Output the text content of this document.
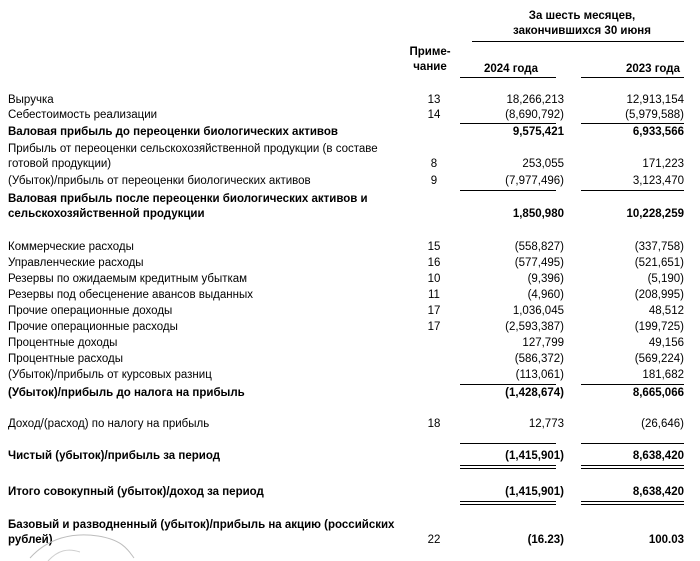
За шесть месяцев,
закончившихся 30 июня
Приме-
чание	2024 года	2023 года
Выручка	13	18,266,213	12,913,154
Себестоимость реализации	14	(8,690,792)	(5,979,588)
Валовая прибыль до переоценки биологических активов	9,575,421	6,933,566
Прибыль от переоценки сельскохозяйственной продукции (в составе готовой продукции)	8	253,055	171,223
(Убыток)/прибыль от переоценки биологических активов	9	(7,977,496)	3,123,470
Валовая прибыль после переоценки биологических активов и сельскохозяйственной продукции	1,850,980	10,228,259
Коммерческие расходы	15	(558,827)	(337,758)
Управленческие расходы	16	(577,495)	(521,651)
Резервы по ожидаемым кредитным убыткам	10	(9,396)	(5,190)
Резервы под обесценение авансов выданных	11	(4,960)	(208,995)
Прочие операционные доходы	17	1,036,045	48,512
Прочие операционные расходы	17	(2,593,387)	(199,725)
Процентные доходы	127,799	49,156
Процентные расходы	(586,372)	(569,224)
(Убыток)/прибыль от курсовых разниц	(113,061)	181,682
(Убыток)/прибыль до налога на прибыль	(1,428,674)	8,665,066
Доход/(расход) по налогу на прибыль	18	12,773	(26,646)
Чистый (убыток)/прибыль за период	(1,415,901)	8,638,420
Итого совокупный (убыток)/доход за период	(1,415,901)	8,638,420
Базовый и разводненный (убыток)/прибыль на акцию (российских рублей)	22	(16.23)	100.03
